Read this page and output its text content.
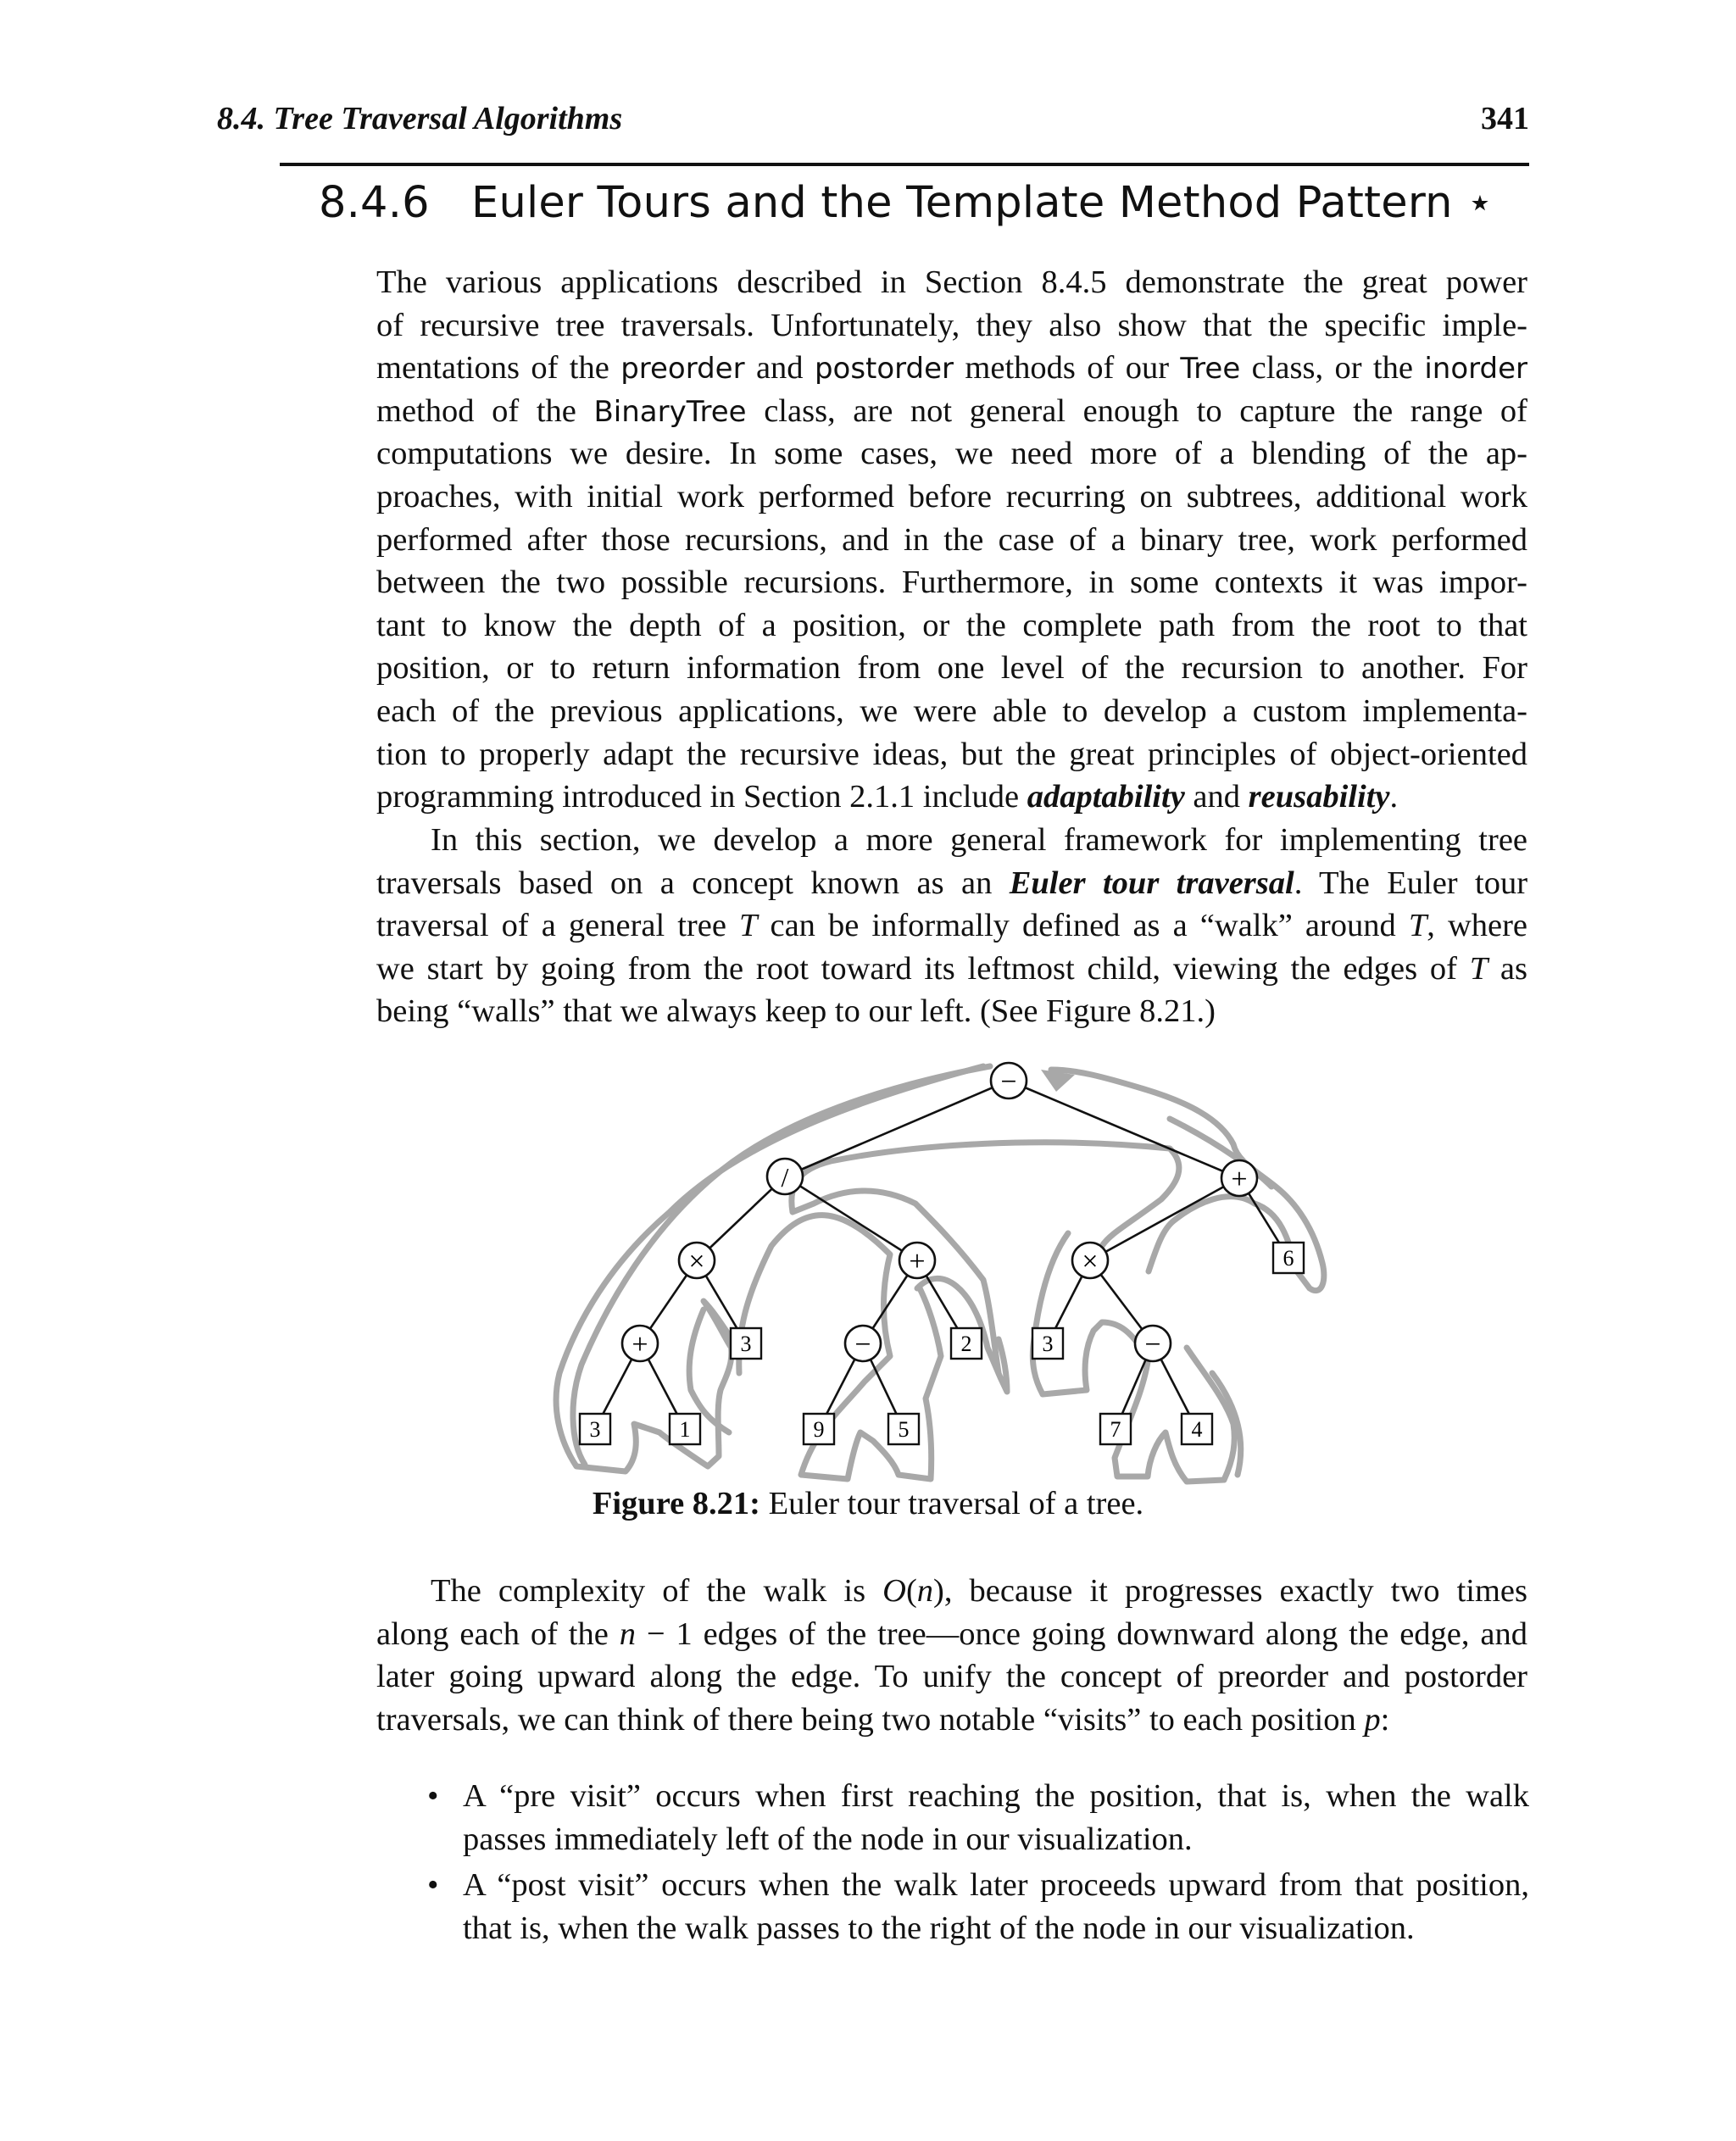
8.4. Tree Traversal Algorithms	341
8.4.6 Euler Tours and the Template Method Pattern ⋆
The various applications described in Section 8.4.5 demonstrate the great power
of recursive tree traversals. Unfortunately, they also show that the specific imple-
mentations of the preorder and postorder methods of our Tree class, or the inorder
method of the BinaryTree class, are not general enough to capture the range of
computations we desire. In some cases, we need more of a blending of the ap-
proaches, with initial work performed before recurring on subtrees, additional work
performed after those recursions, and in the case of a binary tree, work performed
between the two possible recursions. Furthermore, in some contexts it was impor-
tant to know the depth of a position, or the complete path from the root to that
position, or to return information from one level of the recursion to another. For
each of the previous applications, we were able to develop a custom implementa-
tion to properly adapt the recursive ideas, but the great principles of object-oriented
programming introduced in Section 2.1.1 include adaptability and reusability.
In this section, we develop a more general framework for implementing tree
traversals based on a concept known as an Euler tour traversal. The Euler tour
traversal of a general tree T can be informally defined as a “walk” around T, where
we start by going from the root toward its leftmost child, viewing the edges of T as
being “walls” that we always keep to our left. (See Figure 8.21.)
−
/	+
×	+	×
+	−	−
6
3	2	3
3	1	9	5	7	4
Figure 8.21: Euler tour traversal of a tree.
The complexity of the walk is O(n), because it progresses exactly two times
along each of the n − 1 edges of the tree—once going downward along the edge, and
later going upward along the edge. To unify the concept of preorder and postorder
traversals, we can think of there being two notable “visits” to each position p:
• A “pre visit” occurs when first reaching the position, that is, when the walk
passes immediately left of the node in our visualization.
• A “post visit” occurs when the walk later proceeds upward from that position,
that is, when the walk passes to the right of the node in our visualization.
